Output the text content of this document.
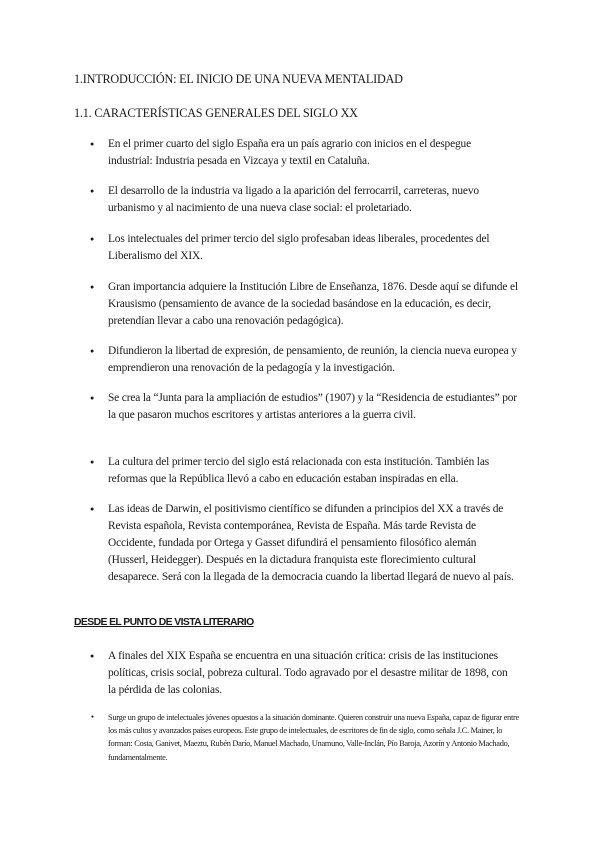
1.INTRODUCCIÓN: EL INICIO DE UNA NUEVA MENTALIDAD
1.1. CARACTERÍSTICAS GENERALES DEL SIGLO XX
● En el primer cuarto del siglo España era un país agrario con inicios en el despegue industrial: Industria pesada en Vizcaya y textil en Cataluña.
● El desarrollo de la industria va ligado a la aparición del ferrocarril, carreteras, nuevo urbanismo y al nacimiento de una nueva clase social: el proletariado.
● Los intelectuales del primer tercio del siglo profesaban ideas liberales, procedentes del Liberalismo del XIX.
● Gran importancia adquiere la Institución Libre de Enseñanza, 1876. Desde aquí se difunde el Krausismo (pensamiento de avance de la sociedad basándose en la educación, es decir, pretendían llevar a cabo una renovación pedagógica).
● Difundieron la libertad de expresión, de pensamiento, de reunión, la ciencia nueva europea y emprendieron una renovación de la pedagogía y la investigación.
● Se crea la “Junta para la ampliación de estudios” (1907) y la “Residencia de estudiantes” por la que pasaron muchos escritores y artistas anteriores a la guerra civil.
● La cultura del primer tercio del siglo está relacionada con esta institución. También las reformas que la República llevó a cabo en educación estaban inspiradas en ella.
● Las ideas de Darwin, el positivismo científico se difunden a principios del XX a través de Revista española, Revista contemporánea, Revista de España. Más tarde Revista de Occidente, fundada por Ortega y Gasset difundirá el pensamiento filosófico alemán (Husserl, Heidegger). Después en la dictadura franquista este florecimiento cultural desaparece. Será con la llegada de la democracia cuando la libertad llegará de nuevo al país.
DESDE EL PUNTO DE VISTA LITERARIO
● A finales del XIX España se encuentra en una situación crítica: crisis de las instituciones políticas, crisis social, pobreza cultural. Todo agravado por el desastre militar de 1898, con la pérdida de las colonias.
● Surge un grupo de intelectuales jóvenes opuestos a la situación dominante. Quieren construir una nueva España, capaz de figurar entre los más cultos y avanzados países europeos. Este grupo de intelectuales, de escritores de fin de siglo, como señala J.C. Mainer, lo forman: Costa, Ganivet, Maeztu, Rubén Darío, Manuel Machado, Unamuno, Valle-Inclán, Pío Baroja, Azorín y Antonio Machado, fundamentalmente.
